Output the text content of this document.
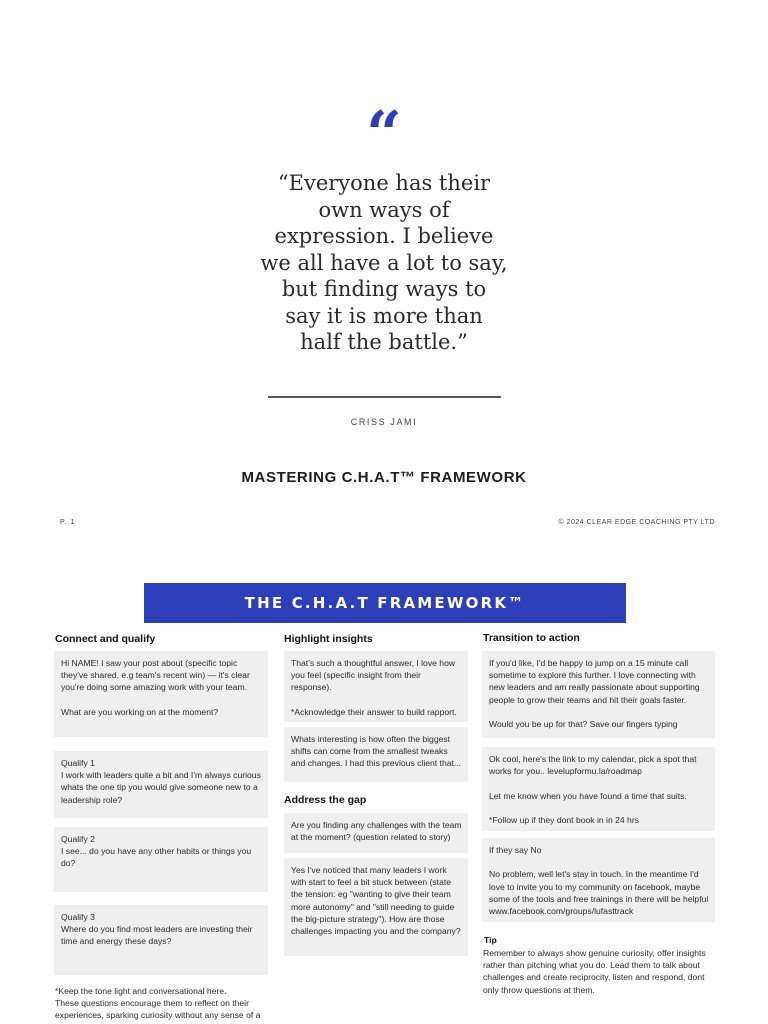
“
“Everyone has their
own ways of
expression. I believe
we all have a lot to say,
but finding ways to
say it is more than
half the battle.”
CRISS JAMI
MASTERING C.H.A.T™ FRAMEWORK
P. 1	© 2024 CLEAR EDGE COACHING PTY LTD
THE C.H.A.T FRAMEWORK™
Connect and qualify
Hi NAME! I saw your post about (specific topic they've shared, e.g team's recent win) — it's clear you're doing some amazing work with your team.

What are you working on at the moment?
Qualify 1
I work with leaders quite a bit and I'm always curious whats the one tip you would give someone new to a leadership role?
Qualify 2
I see... do you have any other habits or things you do?
Qualify 3
Where do you find most leaders are investing their time and energy these days?
*Keep the tone light and conversational here.
These questions encourage them to reflect on their experiences, sparking curiosity without any sense of a
Highlight insights
That's such a thoughtful answer, I love how you feel (specific insight from their response).

*Acknowledge their answer to build rapport.
Whats interesting is how often the biggest shifts can come from the smallest tweaks and changes. I had this previous client that...
Address the gap
Are you finding any challenges with the team at the moment? (question related to story)
Yes I've noticed that many leaders I work with start to feel a bit stuck between (state the tension: eg "wanting to give their team more autonomy" and "still needing to guide the big-picture strategy"). How are those challenges impacting you and the company?
Transition to action
If you'd like, I'd be happy to jump on a 15 minute call sometime to explore this further. I love connecting with new leaders and am really passionate about supporting people to grow their teams and hit their goals faster.

Would you be up for that? Save our fingers typing
Ok cool, here's the link to my calendar, pick a spot that works for you.. levelupformu.la/roadmap

Let me know when you have found a time that suits.

*Follow up if they dont book in in 24 hrs
If they say No

No problem, well let's stay in touch. In the meantime I'd love to invite you to my community on facebook, maybe some of the tools and free trainings in there will be helpful www.facebook.com/groups/lufasttrack
Tip
Remember to always show genuine curiosity, offer insights rather than pitching what you do. Lead them to talk about challenges and create reciprocity, listen and respond, dont only throw questions at them.
